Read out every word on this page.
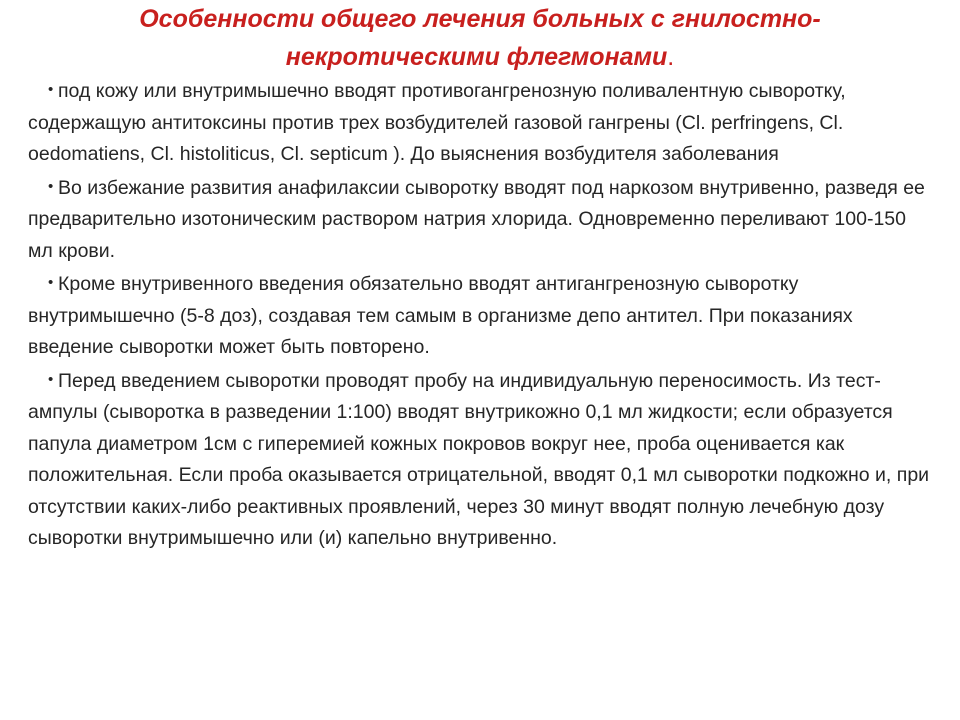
Особенности общего лечения больных с гнилостно-некротическими флегмонами.
• под кожу или внутримышечно вводят противогангренозную поливалентную сыворотку, содержащую антитоксины против трех возбудителей газовой гангрены (Cl. perfringens, Cl. oedomatiens, Cl. histoliticus, Cl. septicum ). До выяснения возбудителя заболевания
• Во избежание развития анафилаксии сыворотку вводят под наркозом внутривенно, разведя ее предварительно изотоническим раствором натрия хлорида. Одновременно переливают 100-150 мл крови.
• Кроме внутривенного введения обязательно вводят антигангренозную сыворотку внутримышечно (5-8 доз), создавая тем самым в организме депо антител. При показаниях введение сыворотки может быть повторено.
• Перед введением сыворотки проводят пробу на индивидуальную переносимость. Из тест-ампулы (сыворотка в разведении 1:100) вводят внутрикожно 0,1 мл жидкости; если образуется папула диаметром 1см с гиперемией кожных покровов вокруг нее, проба оценивается как положительная. Если проба оказывается отрицательной, вводят 0,1 мл сыворотки подкожно и, при отсутствии каких-либо реактивных проявлений, через 30 минут вводят полную лечебную дозу сыворотки внутримышечно или (и) капельно внутривенно.
